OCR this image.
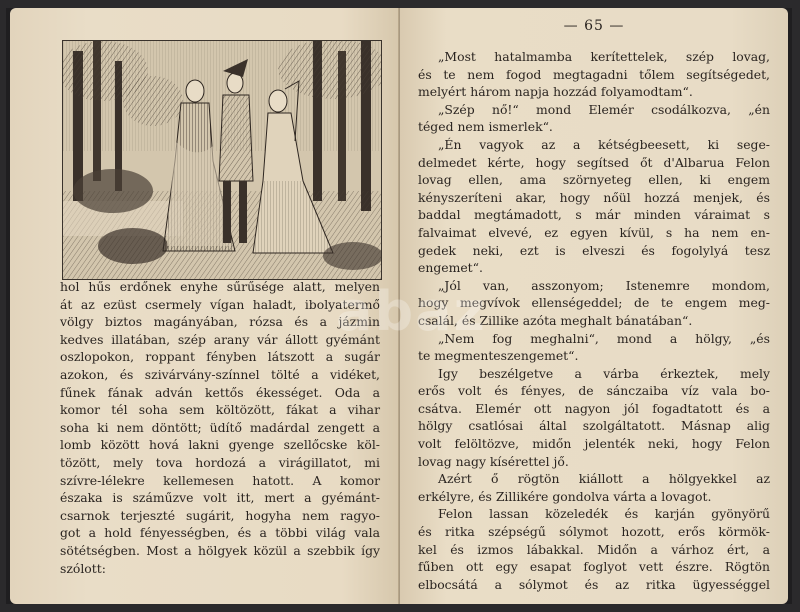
hol hűs erdőnek enyhe sűrűsége alatt, melyen
át az ezüst csermely vígan haladt, ibolyatermő
völgy biztos magányában, rózsa és a jázmin
kedves illatában, szép arany vár állott gyémánt
oszlopokon, roppant fényben látszott a sugár
azokon, és szivárvány-színnel tölté a vidéket,
fűnek fának adván kettős ékességet. Oda a
komor tél soha sem költözött, fákat a vihar
soha ki nem döntött; üdítő madárdal zengett a
lomb között hová lakni gyenge szellőcske köl-
tözött, mely tova hordozá a virágillatot, mi
szívre-lélekre kellemesen hatott. A komor
északa is száműzve volt itt, mert a gyémánt-
csarnok terjeszté sugárit, hogyha nem ragyo-
got a hold fényességben, és a többi világ vala
sötétségben. Most a hölgyek közül a szebbik így
szólott:
— 65 —
„Most hatalmamba kerítettelek, szép lovag,
és te nem fogod megtagadni tőlem segítségedet,
melyért három napja hozzád folyamodtam“.
„Szép nő!“ mond Elemér csodálkozva, „én
téged nem ismerlek“.
„Én vagyok az a kétségbeesett, ki sege-
delmedet kérte, hogy segítsed őt d'Albarua Felon
lovag ellen, ama szörnyeteg ellen, ki engem
kényszeríteni akar, hogy nőül hozzá menjek, és
baddal megtámadott, s már minden váraimat s
falvaimat elvevé, ez egyen kívül, s ha nem en-
gedek neki, ezt is elveszi és fogolylyá tesz
engemet“.
„Jól van, asszonyom; Istenemre mondom,
hogy megvívok ellenségeddel; de te engem meg-
csalál, és Zillike azóta meghalt bánatában“.
„Nem fog meghalni“, mond a hölgy, „és
te megmenteszengemet“.
Igy beszélgetve a várba érkeztek, mely
erős volt és fényes, de sánczaiba víz vala bo-
csátva. Elemér ott nagyon jól fogadtatott és a
hölgy csatlósai által szolgáltatott. Másnap alig
volt felöltözve, midőn jelenték neki, hogy Felon
lovag nagy kísérettel jő.
Azért ő rögtön kiállott a hölgyekkel az
erkélyre, és Zillikére gondolva várta a lovagot.
Felon lassan közeledék és karján gyönyörű
és ritka szépségű sólymot hozott, erős körmök-
kel és izmos lábakkal. Midőn a várhoz ért, a
fűben ott egy esapat foglyot vett észre. Rögtön
elbocsátá a sólymot és az ritka ügyességgel
abaz
